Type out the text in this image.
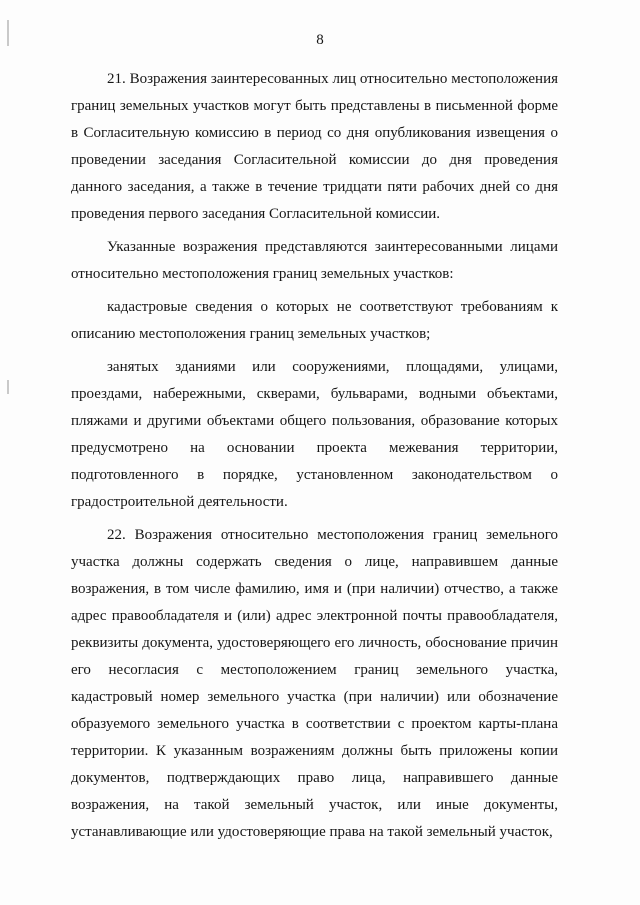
8

21. Возражения заинтересованных лиц относительно местоположения границ земельных участков могут быть представлены в письменной форме в Согласительную комиссию в период со дня опубликования извещения о проведении заседания Согласительной комиссии до дня проведения данного заседания, а также в течение тридцати пяти рабочих дней со дня проведения первого заседания Согласительной комиссии.

Указанные возражения представляются заинтересованными лицами относительно местоположения границ земельных участков:

кадастровые сведения о которых не соответствуют требованиям к описанию местоположения границ земельных участков;

занятых зданиями или сооружениями, площадями, улицами, проездами, набережными, скверами, бульварами, водными объектами, пляжами и другими объектами общего пользования, образование которых предусмотрено на основании проекта межевания территории, подготовленного в порядке, установленном законодательством о градостроительной деятельности.

22. Возражения относительно местоположения границ земельного участка должны содержать сведения о лице, направившем данные возражения, в том числе фамилию, имя и (при наличии) отчество, а также адрес правообладателя и (или) адрес электронной почты правообладателя, реквизиты документа, удостоверяющего его личность, обоснование причин его несогласия с местоположением границ земельного участка, кадастровый номер земельного участка (при наличии) или обозначение образуемого земельного участка в соответствии с проектом карты-плана территории. К указанным возражениям должны быть приложены копии документов, подтверждающих право лица, направившего данные возражения, на такой земельный участок, или иные документы, устанавливающие или удостоверяющие права на такой земельный участок,
